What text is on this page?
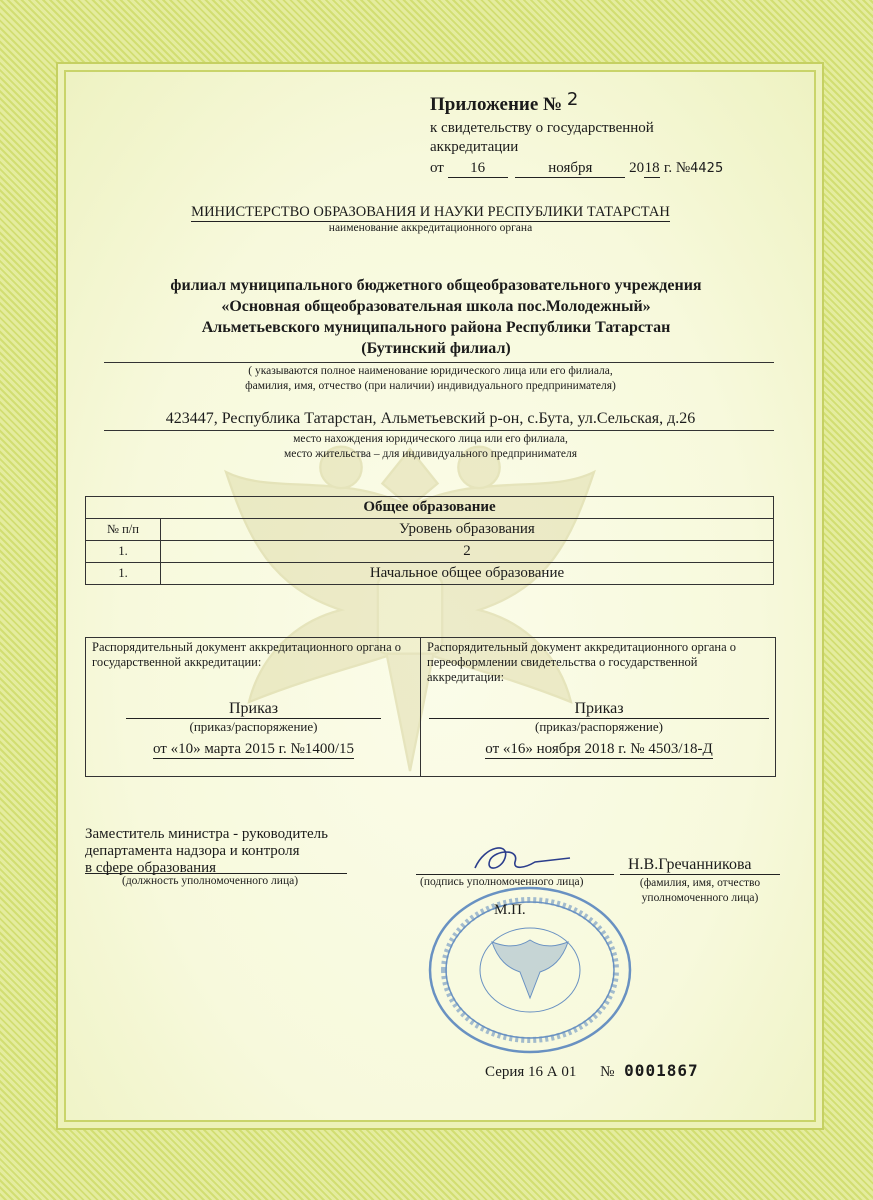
Приложение № 2
к свидетельству о государственной
аккредитации
от 16	ноября 2018 г. №4425
МИНИСТЕРСТВО ОБРАЗОВАНИЯ И НАУКИ РЕСПУБЛИКИ ТАТАРСТАН
наименование аккредитационного органа
филиал муниципального бюджетного общеобразовательного учреждения
«Основная общеобразовательная школа пос.Молодежный»
Альметьевского муниципального района Республики Татарстан
(Бутинский филиал)
( указываются полное наименование юридического лица или его филиала,
фамилия, имя, отчество (при наличии) индивидуального предпринимателя)
423447, Республика Татарстан, Альметьевский р-он, с.Бута, ул.Сельская, д.26
место нахождения юридического лица или его филиала,
место жительства – для индивидуального предпринимателя
Общее образование	
№ п/п	Уровень образования
1.	2
1.	Начальное общее образование
Распорядительный документ аккредитационного органа о государственной аккредитации:
Приказ
(приказ/распоряжение)
от «10» марта 2015 г. №1400/15
Распорядительный документ аккредитационного органа о переоформлении свидетельства о государственной аккредитации:
Приказ
(приказ/распоряжение)
от «16» ноября 2018 г. № 4503/18-Д
Заместитель министра - руководитель
департамента надзора и контроля
в сфере образования
(должность уполномоченного лица)	(подпись уполномоченного лица)
Н.В.Гречанникова
(фамилия, имя, отчество
уполномоченного лица)
М.П.
Серия 16 А 01 № 0001867
